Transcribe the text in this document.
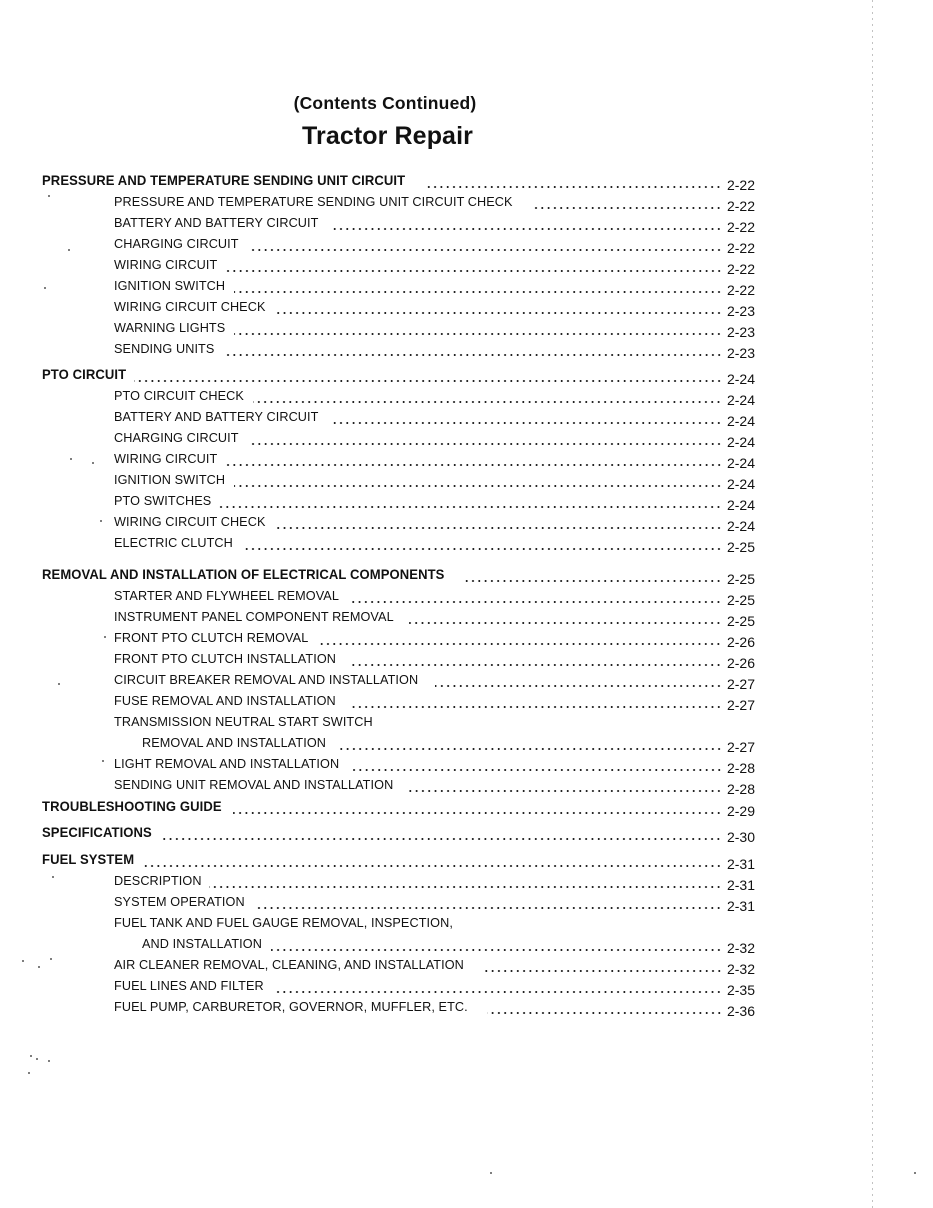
(Contents Continued)
Tractor Repair
PRESSURE AND TEMPERATURE SENDING UNIT CIRCUIT	2-22
PRESSURE AND TEMPERATURE SENDING UNIT CIRCUIT CHECK	2-22
BATTERY AND BATTERY CIRCUIT	2-22
CHARGING CIRCUIT	2-22
WIRING CIRCUIT	2-22
IGNITION SWITCH	2-22
WIRING CIRCUIT CHECK	2-23
WARNING LIGHTS	2-23
SENDING UNITS	2-23
PTO CIRCUIT	2-24
PTO CIRCUIT CHECK	2-24
BATTERY AND BATTERY CIRCUIT	2-24
CHARGING CIRCUIT	2-24
WIRING CIRCUIT	2-24
IGNITION SWITCH	2-24
PTO SWITCHES	2-24
WIRING CIRCUIT CHECK	2-24
ELECTRIC CLUTCH	2-25
REMOVAL AND INSTALLATION OF ELECTRICAL COMPONENTS	2-25
STARTER AND FLYWHEEL REMOVAL	2-25
INSTRUMENT PANEL COMPONENT REMOVAL	2-25
FRONT PTO CLUTCH REMOVAL	2-26
FRONT PTO CLUTCH INSTALLATION	2-26
CIRCUIT BREAKER REMOVAL AND INSTALLATION	2-27
FUSE REMOVAL AND INSTALLATION	2-27
TRANSMISSION NEUTRAL START SWITCH
REMOVAL AND INSTALLATION	2-27
LIGHT REMOVAL AND INSTALLATION	2-28
SENDING UNIT REMOVAL AND INSTALLATION	2-28
TROUBLESHOOTING GUIDE	2-29
SPECIFICATIONS	2-30
FUEL SYSTEM	2-31
DESCRIPTION	2-31
SYSTEM OPERATION	2-31
FUEL TANK AND FUEL GAUGE REMOVAL, INSPECTION,
AND INSTALLATION	2-32
AIR CLEANER REMOVAL, CLEANING, AND INSTALLATION	2-32
FUEL LINES AND FILTER	2-35
FUEL PUMP, CARBURETOR, GOVERNOR, MUFFLER, ETC.	2-36
